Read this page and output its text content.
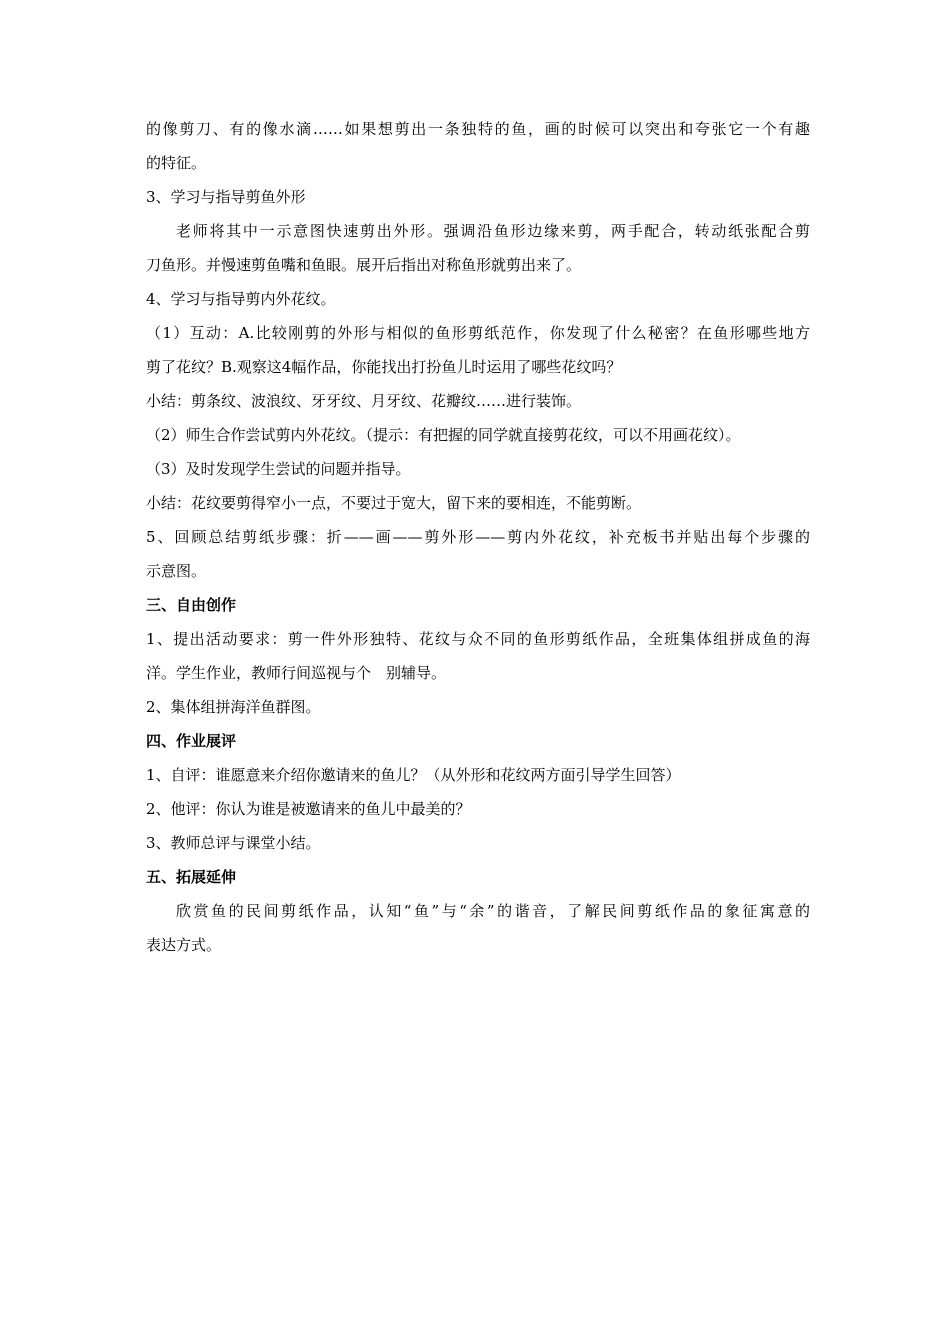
的像剪刀、有的像水滴……如果想剪出一条独特的鱼，画的时候可以突出和夸张它一个有趣

的特征。

3、学习与指导剪鱼外形

老师将其中一示意图快速剪出外形。强调沿鱼形边缘来剪，两手配合，转动纸张配合剪

刀鱼形。并慢速剪鱼嘴和鱼眼。展开后指出对称鱼形就剪出来了。

4、学习与指导剪内外花纹。

（1）互动：A.比较刚剪的外形与相似的鱼形剪纸范作，你发现了什么秘密？在鱼形哪些地方

剪了花纹？B.观察这4幅作品，你能找出打扮鱼儿时运用了哪些花纹吗？

小结：剪条纹、波浪纹、牙牙纹、月牙纹、花瓣纹……进行装饰。

（2）师生合作尝试剪内外花纹。（提示：有把握的同学就直接剪花纹，可以不用画花纹）。

（3）及时发现学生尝试的问题并指导。

小结：花纹要剪得窄小一点，不要过于宽大，留下来的要相连，不能剪断。

5、回顾总结剪纸步骤：折——画——剪外形——剪内外花纹，补充板书并贴出每个步骤的

示意图。

三、自由创作

1、提出活动要求：剪一件外形独特、花纹与众不同的鱼形剪纸作品，全班集体组拼成鱼的海

洋。学生作业，教师行间巡视与个　别辅导。

2、集体组拼海洋鱼群图。

四、作业展评

1、自评：谁愿意来介绍你邀请来的鱼儿？（从外形和花纹两方面引导学生回答）

2、他评：你认为谁是被邀请来的鱼儿中最美的？

3、教师总评与课堂小结。

五、拓展延伸

欣赏鱼的民间剪纸作品，认知“鱼”与“余”的谐音，了解民间剪纸作品的象征寓意的

表达方式。
